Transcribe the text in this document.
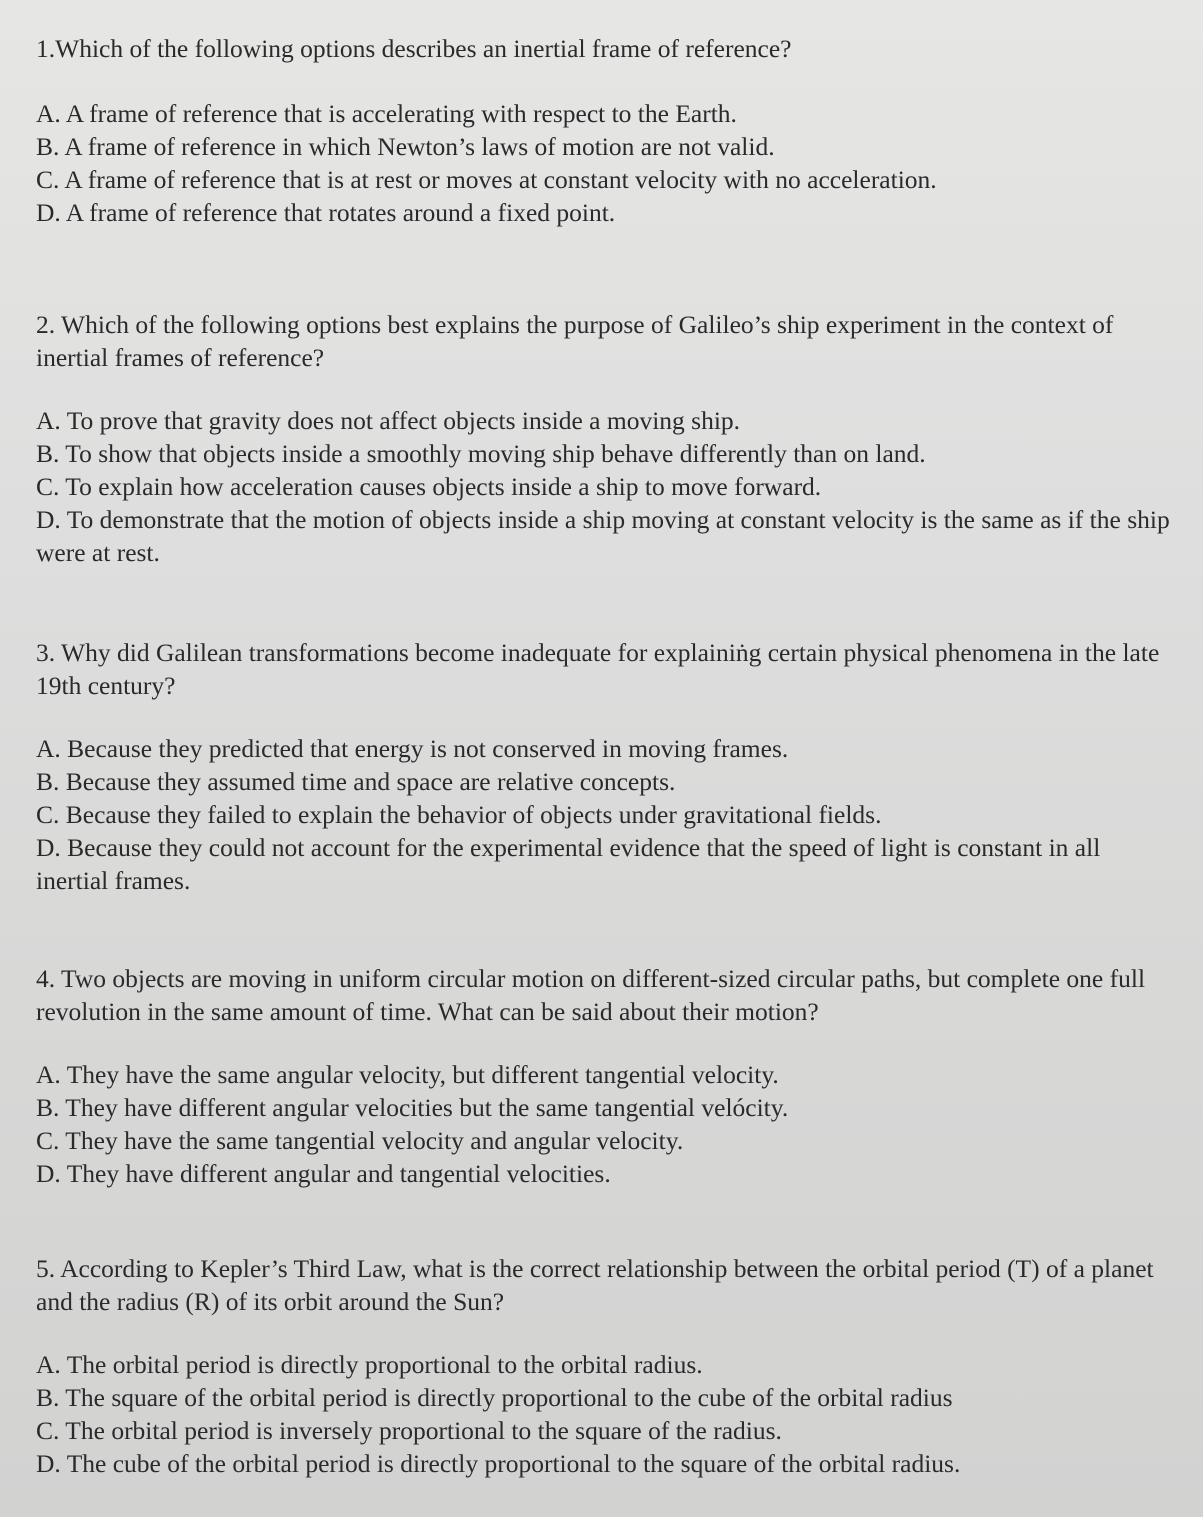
1.Which of the following options describes an inertial frame of reference?

A. A frame of reference that is accelerating with respect to the Earth.

B. A frame of reference in which Newton’s laws of motion are not valid.

C. A frame of reference that is at rest or moves at constant velocity with no acceleration.

D. A frame of reference that rotates around a fixed point.

2. Which of the following options best explains the purpose of Galileo’s ship experiment in the context of inertial frames of reference?

A. To prove that gravity does not affect objects inside a moving ship.

B. To show that objects inside a smoothly moving ship behave differently than on land.

C. To explain how acceleration causes objects inside a ship to move forward.

D. To demonstrate that the motion of objects inside a ship moving at constant velocity is the same as if the ship were at rest.

3. Why did Galilean transformations become inadequate for explainiṅg certain physical phenomena in the late 19th century?

A. Because they predicted that energy is not conserved in moving frames.

B. Because they assumed time and space are relative concepts.

C. Because they failed to explain the behavior of objects under gravitational fields.

D. Because they could not account for the experimental evidence that the speed of light is constant in all inertial frames.

4. Two objects are moving in uniform circular motion on different-sized circular paths, but complete one full revolution in the same amount of time. What can be said about their motion?

A. They have the same angular velocity, but different tangential velocity.

B. They have different angular velocities but the same tangential velócity.

C. They have the same tangential velocity and angular velocity.

D. They have different angular and tangential velocities.

5. According to Kepler’s Third Law, what is the correct relationship between the orbital period (T) of a planet and the radius (R) of its orbit around the Sun?

A. The orbital period is directly proportional to the orbital radius.

B. The square of the orbital period is directly proportional to the cube of the orbital radius

C. The orbital period is inversely proportional to the square of the radius.

D. The cube of the orbital period is directly proportional to the square of the orbital radius.
